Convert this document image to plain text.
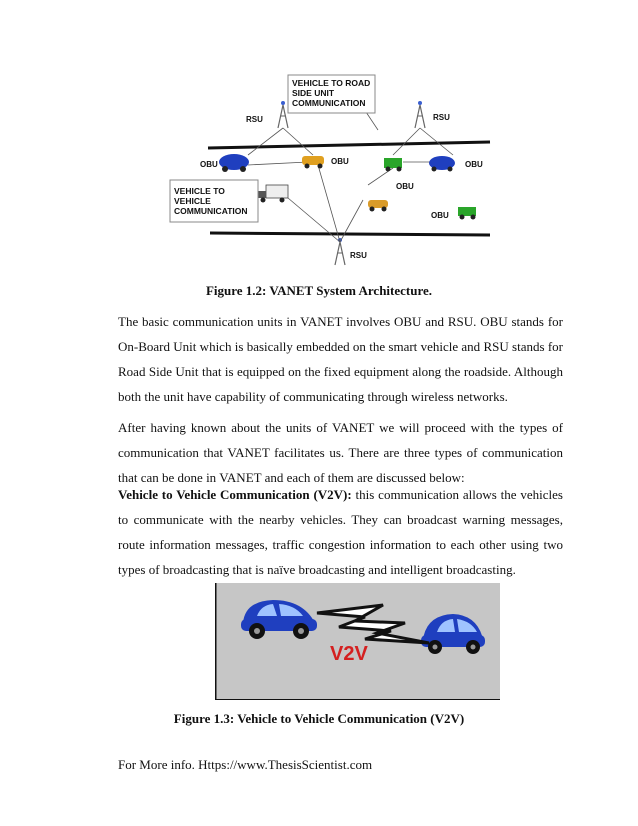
RSU	RSU
RSU
OBU	OBU	OBU
OBU
OBU
VEHICLE TO ROAD
SIDE UNIT
COMMUNICATION
VEHICLE TO
VEHICLE
COMMUNICATION
Figure 1.2: VANET System Architecture.

The basic communication units in VANET involves OBU and RSU. OBU stands for On-Board Unit which is basically embedded on the smart vehicle and RSU stands for Road Side Unit that is equipped on the fixed equipment along the roadside. Although both the unit have capability of communicating through wireless networks.

After having known about the units of VANET we will proceed with the types of communication that VANET facilitates us. There are three types of communication that can be done in VANET and each of them are discussed below:

Vehicle to Vehicle Communication (V2V): this communication allows the vehicles to communicate with the nearby vehicles. They can broadcast warning messages, route information messages, traffic congestion information to each other using two types of broadcasting that is naïve broadcasting and intelligent broadcasting.

V2V
Figure 1.3: Vehicle to Vehicle Communication (V2V)
For More info. Https://www.ThesisScientist.com
